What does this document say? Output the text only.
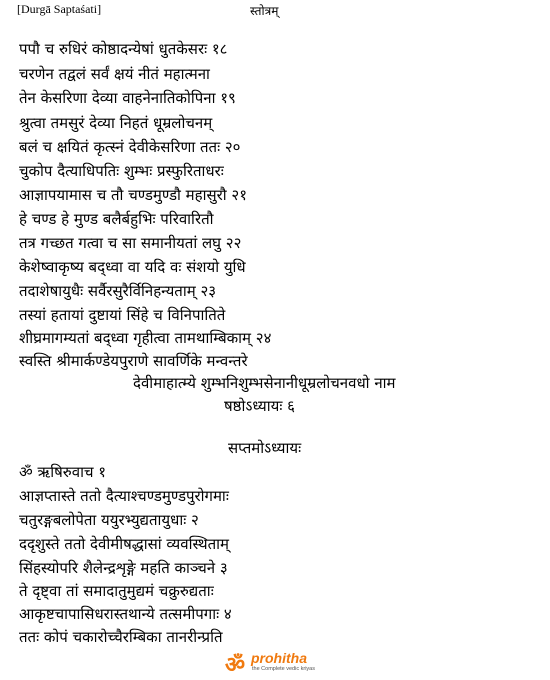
[Durgā Saptaśati]	स्तोत्रम्
पपौ च रुधिरं कोष्ठादन्येषां धुतकेसरः १८
चरणेन तद्वलं सर्वं क्षयं नीतं महात्मना
तेन केसरिणा देव्या वाहनेनातिकोपिना १९
श्रुत्वा तमसुरं देव्या निहतं धूम्रलोचनम्
बलं च क्षयितं कृत्स्नं देवीकेसरिणा ततः २०
चुकोप दैत्याधिपतिः शुम्भः प्रस्फुरिताधरः
आज्ञापयामास च तौ चण्डमुण्डौ महासुरौ २१
हे चण्ड हे मुण्ड बलैर्बहुभिः परिवारितौ
तत्र गच्छत गत्वा च सा समानीयतां लघु २२
केशेष्वाकृष्य बद्ध्वा वा यदि वः संशयो युधि
तदाशेषायुधैः सर्वैरसुरैर्विनिहन्यताम् २३
तस्यां हतायां दुष्टायां सिंहे च विनिपातिते
शीघ्रमागम्यतां बद्ध्वा गृहीत्वा तामथाम्बिकाम् २४
स्वस्ति श्रीमार्कण्डेयपुराणे सावर्णिके मन्वन्तरे
देवीमाहात्म्ये शुम्भनिशुम्भसेनानीधूम्रलोचनवधो नाम
षष्ठोऽध्यायः ६
सप्तमोऽध्यायः
ॐ ऋषिरुवाच १
आज्ञप्तास्ते ततो दैत्याश्चण्डमुण्डपुरोगमाः
चतुरङ्गबलोपेता ययुरभ्युद्यतायुधाः २
ददृशुस्ते ततो देवीमीषद्धासां व्यवस्थिताम्
सिंहस्योपरि शैलेन्द्रशृङ्गे महति काञ्चने ३
ते दृष्ट्वा तां समादातुमुद्यमं चक्रुरुद्यताः
आकृष्टचापासिधरास्तथान्ये तत्समीपगाः ४
ततः कोपं चकारोच्चैरम्बिका तानरीन्प्रति
ॐ prohitha
the Complete vedic kriyas
